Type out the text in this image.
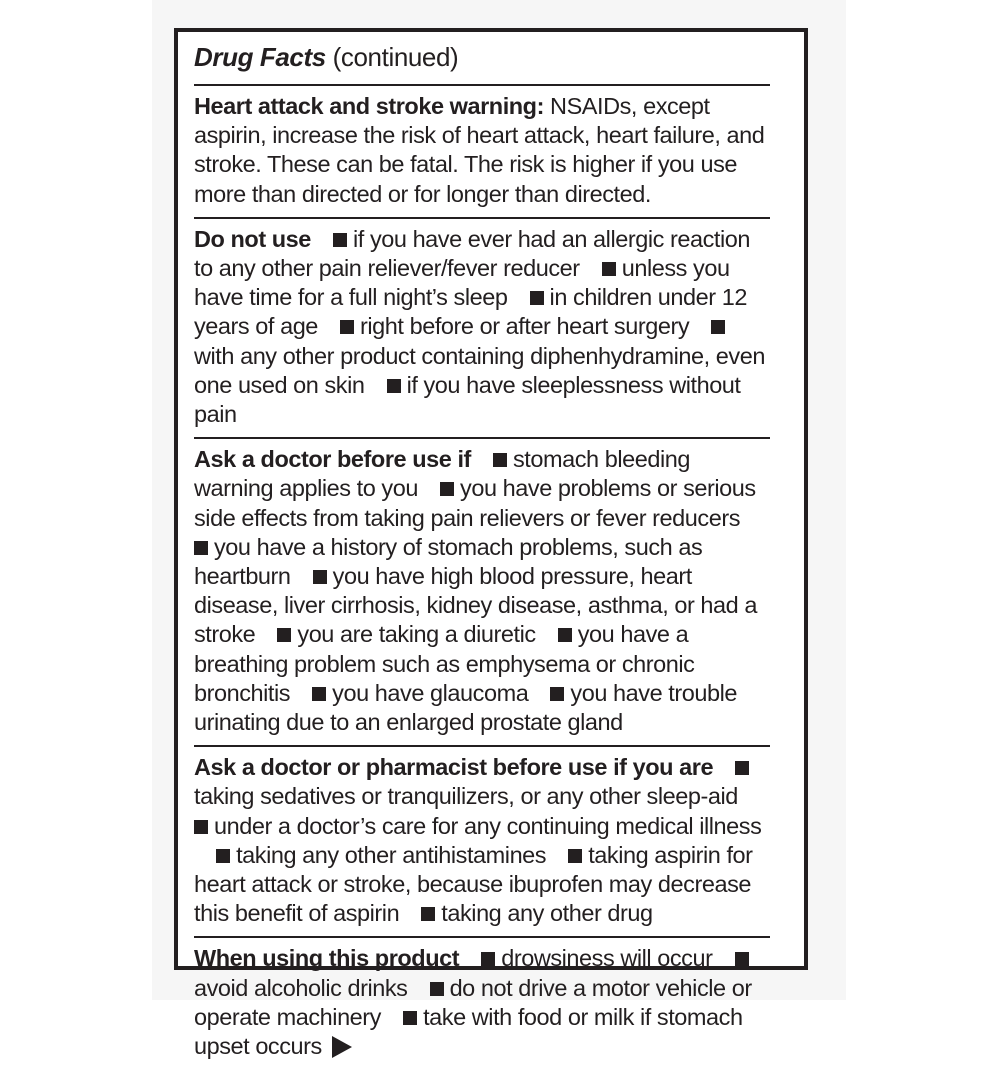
Drug Facts (continued)
Heart attack and stroke warning: NSAIDs, except aspirin, increase the risk of heart attack, heart failure, and stroke. These can be fatal. The risk is higher if you use more than directed or for longer than directed.
Do not use if you have ever had an allergic reaction to any other pain reliever/fever reducer unless you have time for a full night’s sleep in children under 12 years of age right before or after heart surgery with any other product containing diphenhydramine, even one used on skin if you have sleeplessness without pain
Ask a doctor before use if stomach bleeding warning applies to you you have problems or serious side effects from taking pain relievers or fever reducers you have a history of stomach problems, such as heartburn you have high blood pressure, heart disease, liver cirrhosis, kidney disease, asthma, or had a stroke you are taking a diuretic you have a breathing problem such as emphysema or chronic bronchitis you have glaucoma you have trouble urinating due to an enlarged prostate gland
Ask a doctor or pharmacist before use if you are taking sedatives or tranquilizers, or any other sleep-aid under a doctor’s care for any continuing medical illness taking any other antihistamines taking aspirin for heart attack or stroke, because ibuprofen may decrease this benefit of aspirin taking any other drug
When using this product drowsiness will occur avoid alcoholic drinks do not drive a motor vehicle or operate machinery take with food or milk if stomach upset occurs
